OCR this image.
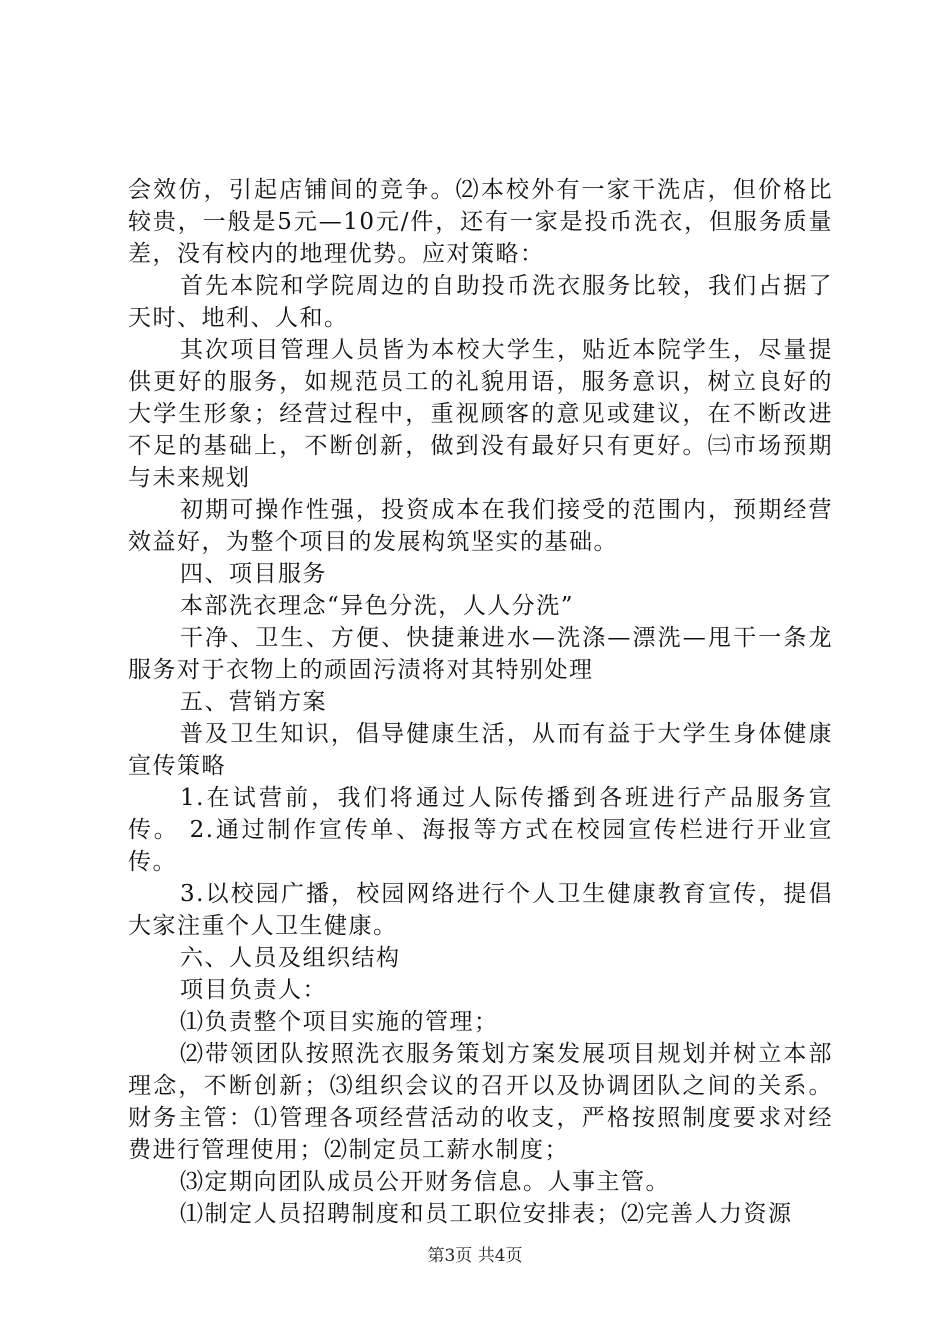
会效仿，引起店铺间的竞争。⑵本校外有一家干洗店，但价格比较贵，一般是5元—10元/件，还有一家是投币洗衣，但服务质量差，没有校内的地理优势。应对策略：

首先本院和学院周边的自助投币洗衣服务比较，我们占据了天时、地利、人和。

其次项目管理人员皆为本校大学生，贴近本院学生，尽量提供更好的服务，如规范员工的礼貌用语，服务意识，树立良好的大学生形象；经营过程中，重视顾客的意见或建议，在不断改进不足的基础上，不断创新，做到没有最好只有更好。㈢市场预期与未来规划

初期可操作性强，投资成本在我们接受的范围内，预期经营效益好，为整个项目的发展构筑坚实的基础。

四、项目服务

本部洗衣理念“异色分洗，人人分洗”

干净、卫生、方便、快捷兼进水—洗涤—漂洗—甩干一条龙服务对于衣物上的顽固污渍将对其特别处理

五、营销方案

普及卫生知识，倡导健康生活，从而有益于大学生身体健康宣传策略

1.在试营前，我们将通过人际传播到各班进行产品服务宣传。 2.通过制作宣传单、海报等方式在校园宣传栏进行开业宣传。

3.以校园广播，校园网络进行个人卫生健康教育宣传，提倡大家注重个人卫生健康。

六、人员及组织结构

项目负责人：

⑴负责整个项目实施的管理；

⑵带领团队按照洗衣服务策划方案发展项目规划并树立本部理念，不断创新；⑶组织会议的召开以及协调团队之间的关系。财务主管：⑴管理各项经营活动的收支，严格按照制度要求对经费进行管理使用；⑵制定员工薪水制度；

⑶定期向团队成员公开财务信息。人事主管。

⑴制定人员招聘制度和员工职位安排表；⑵完善人力资源

第3页 共4页
